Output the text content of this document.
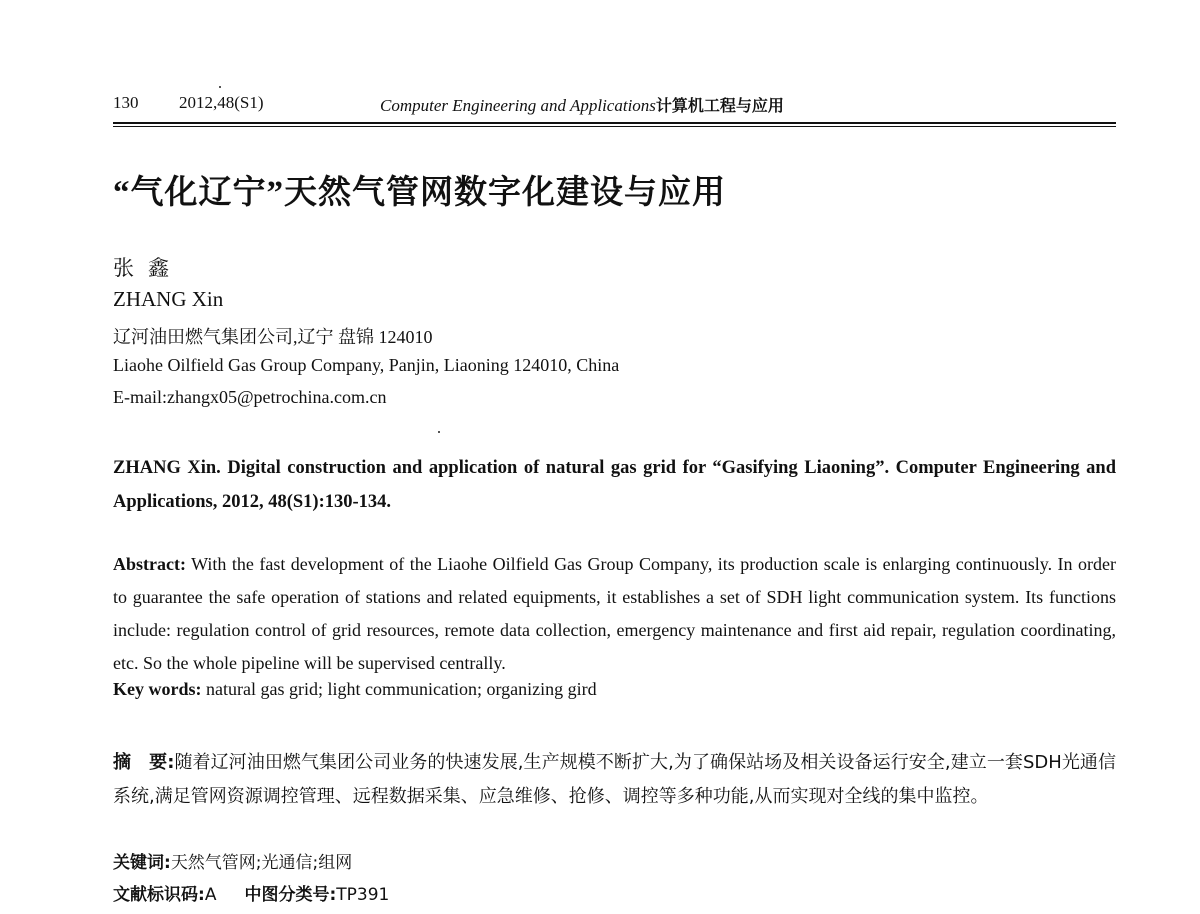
130 2012,48(S1)	Computer Engineering and Applications计算机工程与应用
“气化辽宁”天然气管网数字化建设与应用
张鑫
ZHANG Xin
辽河油田燃气集团公司,辽宁 盘锦 124010
Liaohe Oilfield Gas Group Company, Panjin, Liaoning 124010, China
E-mail:zhangx05@petrochina.com.cn
ZHANG Xin. Digital construction and application of natural gas grid for “Gasifying Liaoning”. Computer Engineering and Applications, 2012, 48(S1):130-134.
Abstract: With the fast development of the Liaohe Oilfield Gas Group Company, its production scale is enlarging continuously. In order to guarantee the safe operation of stations and related equipments, it establishes a set of SDH light communication system. Its functions include: regulation control of grid resources, remote data collection, emergency maintenance and first aid repair, regulation coordinating, etc. So the whole pipeline will be supervised centrally.
Key words: natural gas grid; light communication; organizing gird
摘　要:随着辽河油田燃气集团公司业务的快速发展,生产规模不断扩大,为了确保站场及相关设备运行安全,建立一套SDH光通信系统,满足管网资源调控管理、远程数据采集、应急维修、抢修、调控等多种功能,从而实现对全线的集中监控。
关键词:天然气管网;光通信;组网
文献标识码:A 中图分类号:TP391
